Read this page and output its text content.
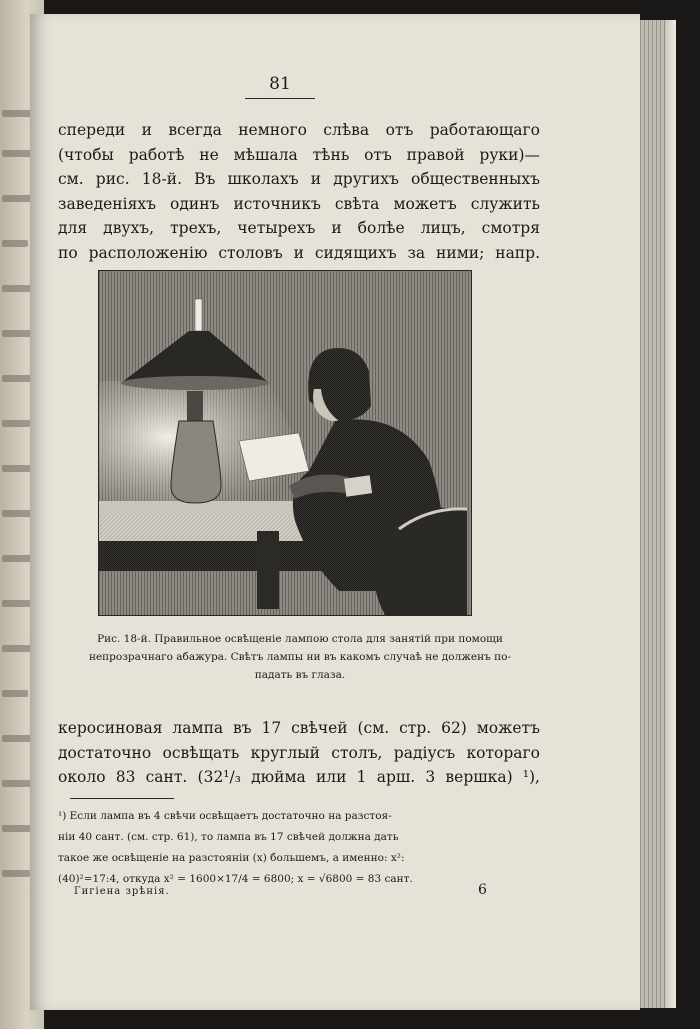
81
спереди и всегда немного слѣва отъ работающаго
(чтобы работѣ не мѣшала тѣнь отъ правой руки)—
см. рис. 18-й. Въ школахъ и другихъ общественныхъ
заведеніяхъ одинъ источникъ свѣта можетъ служить
для двухъ, трехъ, четырехъ и болѣе лицъ, смотря
по расположенію столовъ и сидящихъ за ними; напр.
Рис. 18-й. Правильное освѣщеніе лампою стола для занятій при помощи
непрозрачнаго абажура. Свѣтъ лампы ни въ какомъ случаѣ не долженъ по-
падать въ глаза.
керосиновая лампа въ 17 свѣчей (см. стр. 62) можетъ
достаточно освѣщать круглый столъ, радіусъ котораго
около 83 сант. (32¹/₃ дюйма или 1 арш. 3 вершка) ¹),
¹) Если лампа въ 4 свѣчи освѣщаетъ достаточно на разстоя-
ніи 40 сант. (см. стр. 61), то лампа въ 17 свѣчей должна дать
такое же освѣщеніе на разстояніи (x) большемъ, а именно: x²:
(40)²=17:4, откуда x² = 1600×17/4 = 6800; x = √6800 = 83 сант.
Гигіена зрѣнія.	6
